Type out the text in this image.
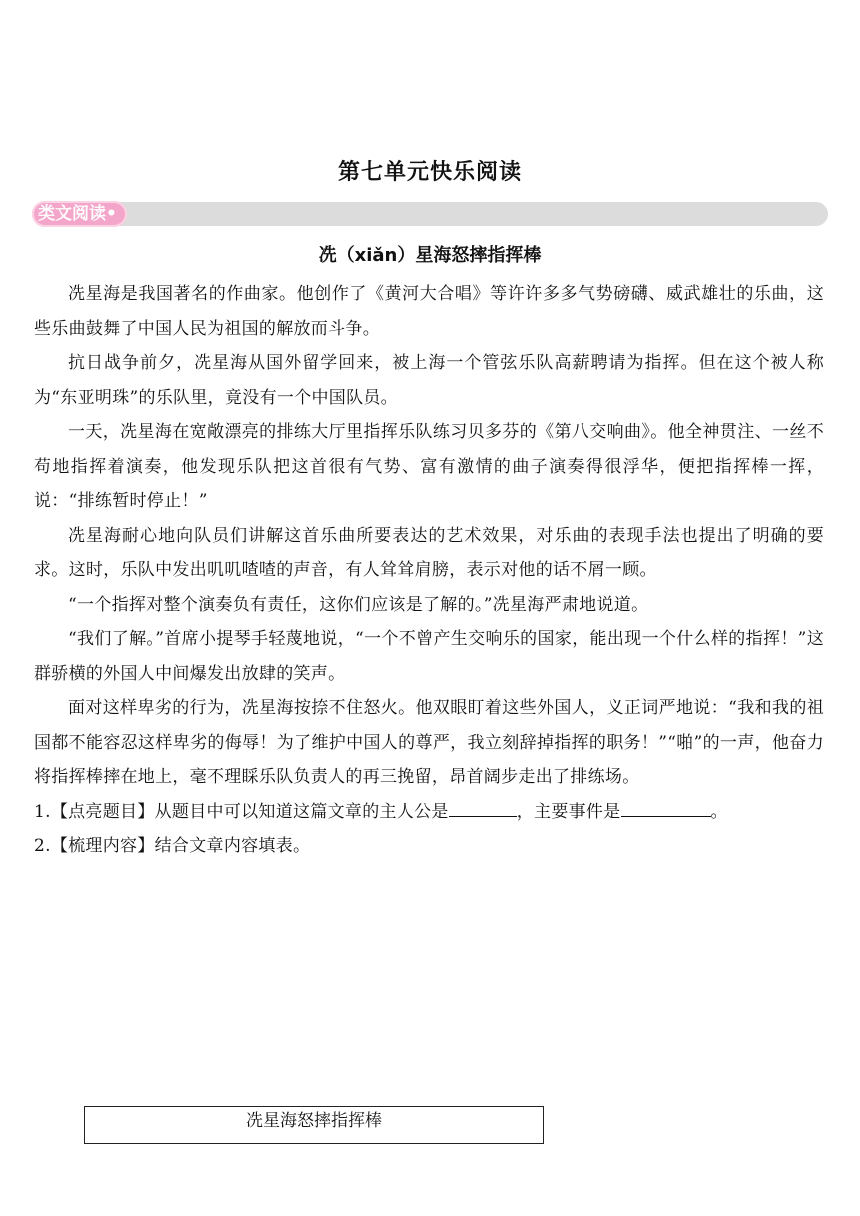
第七单元快乐阅读
类文阅读•
冼（xiǎn）星海怒摔指挥棒

冼星海是我国著名的作曲家。他创作了《黄河大合唱》等许许多多气势磅礴、威武雄壮的乐曲，这些乐曲鼓舞了中国人民为祖国的解放而斗争。

抗日战争前夕，冼星海从国外留学回来，被上海一个管弦乐队高薪聘请为指挥。但在这个被人称为“东亚明珠”的乐队里，竟没有一个中国队员。

一天，冼星海在宽敞漂亮的排练大厅里指挥乐队练习贝多芬的《第八交响曲》。他全神贯注、一丝不苟地指挥着演奏，他发现乐队把这首很有气势、富有激情的曲子演奏得很浮华，便把指挥棒一挥，说：“排练暂时停止！”

冼星海耐心地向队员们讲解这首乐曲所要表达的艺术效果，对乐曲的表现手法也提出了明确的要求。这时，乐队中发出叽叽喳喳的声音，有人耸耸肩膀，表示对他的话不屑一顾。

“一个指挥对整个演奏负有责任，这你们应该是了解的。”冼星海严肃地说道。

“我们了解。”首席小提琴手轻蔑地说，“一个不曾产生交响乐的国家，能出现一个什么样的指挥！”这群骄横的外国人中间爆发出放肆的笑声。

面对这样卑劣的行为，冼星海按捺不住怒火。他双眼盯着这些外国人，义正词严地说：“我和我的祖国都不能容忍这样卑劣的侮辱！为了维护中国人的尊严，我立刻辞掉指挥的职务！”“啪”的一声，他奋力将指挥棒摔在地上，毫不理睬乐队负责人的再三挽留，昂首阔步走出了排练场。

1.【点亮题目】从题目中可以知道这篇文章的主人公是	，主要事件是	。
2.【梳理内容】结合文章内容填表。
冼星海怒摔指挥棒
